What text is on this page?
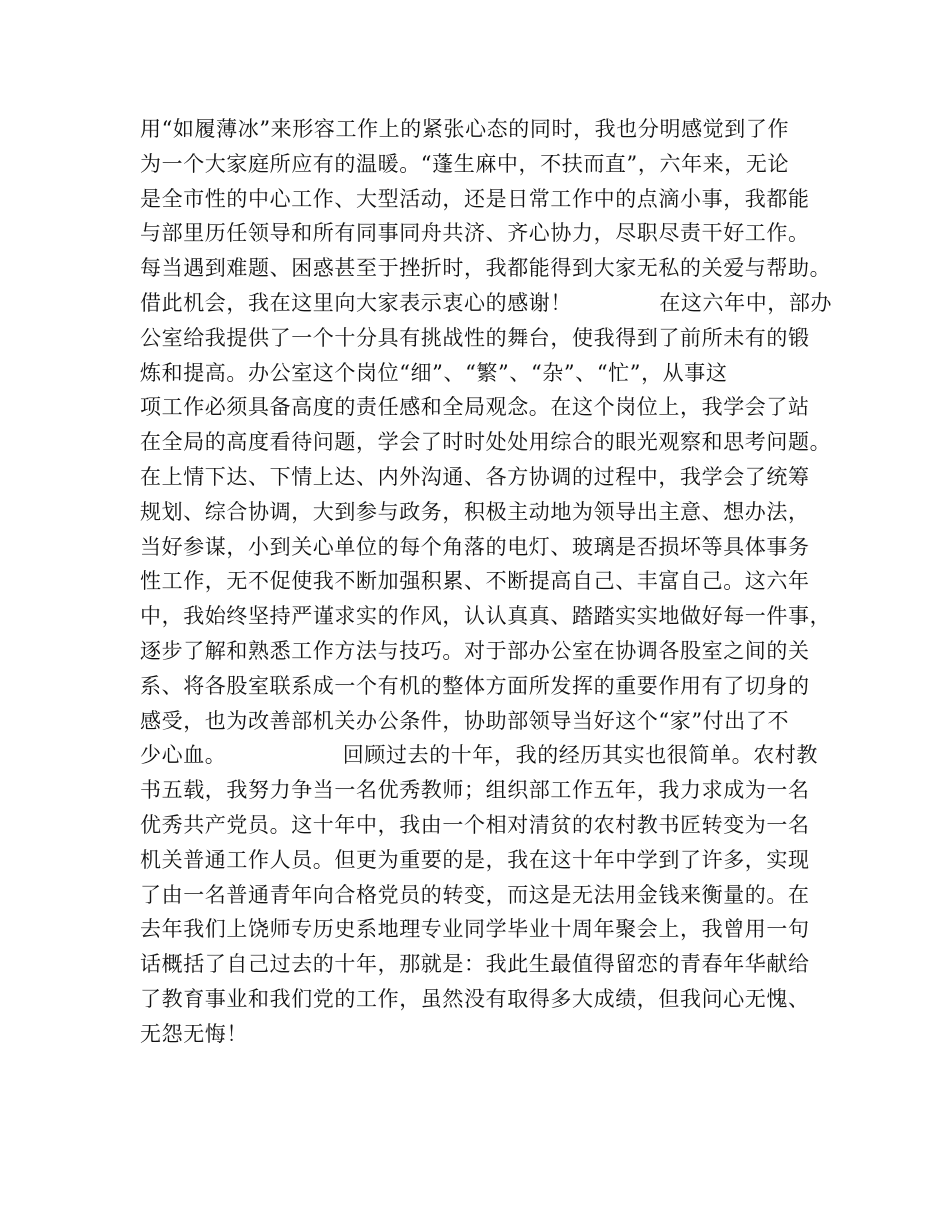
用“如履薄冰”来形容工作上的紧张心态的同时，我也分明感觉到了作
为一个大家庭所应有的温暖。“蓬生麻中，不扶而直”，六年来，无论
是全市性的中心工作、大型活动，还是日常工作中的点滴小事，我都能
与部里历任领导和所有同事同舟共济、齐心协力，尽职尽责干好工作。
每当遇到难题、困惑甚至于挫折时，我都能得到大家无私的关爱与帮助。
借此机会，我在这里向大家表示衷心的感谢！            在这六年中，部办
公室给我提供了一个十分具有挑战性的舞台，使我得到了前所未有的锻
炼和提高。办公室这个岗位“细”、“繁”、“杂”、“忙”，从事这
项工作必须具备高度的责任感和全局观念。在这个岗位上，我学会了站
在全局的高度看待问题，学会了时时处处用综合的眼光观察和思考问题。
在上情下达、下情上达、内外沟通、各方协调的过程中，我学会了统筹
规划、综合协调，大到参与政务，积极主动地为领导出主意、想办法，
当好参谋，小到关心单位的每个角落的电灯、玻璃是否损坏等具体事务
性工作，无不促使我不断加强积累、不断提高自己、丰富自己。这六年
中，我始终坚持严谨求实的作风，认认真真、踏踏实实地做好每一件事，
逐步了解和熟悉工作方法与技巧。对于部办公室在协调各股室之间的关
系、将各股室联系成一个有机的整体方面所发挥的重要作用有了切身的
感受，也为改善部机关办公条件，协助部领导当好这个“家”付出了不
少心血。                回顾过去的十年，我的经历其实也很简单。农村教
书五载，我努力争当一名优秀教师；组织部工作五年，我力求成为一名
优秀共产党员。这十年中，我由一个相对清贫的农村教书匠转变为一名
机关普通工作人员。但更为重要的是，我在这十年中学到了许多，实现
了由一名普通青年向合格党员的转变，而这是无法用金钱来衡量的。在
去年我们上饶师专历史系地理专业同学毕业十周年聚会上，我曾用一句
话概括了自己过去的十年，那就是：我此生最值得留恋的青春年华献给
了教育事业和我们党的工作，虽然没有取得多大成绩，但我问心无愧、
无怨无悔！
